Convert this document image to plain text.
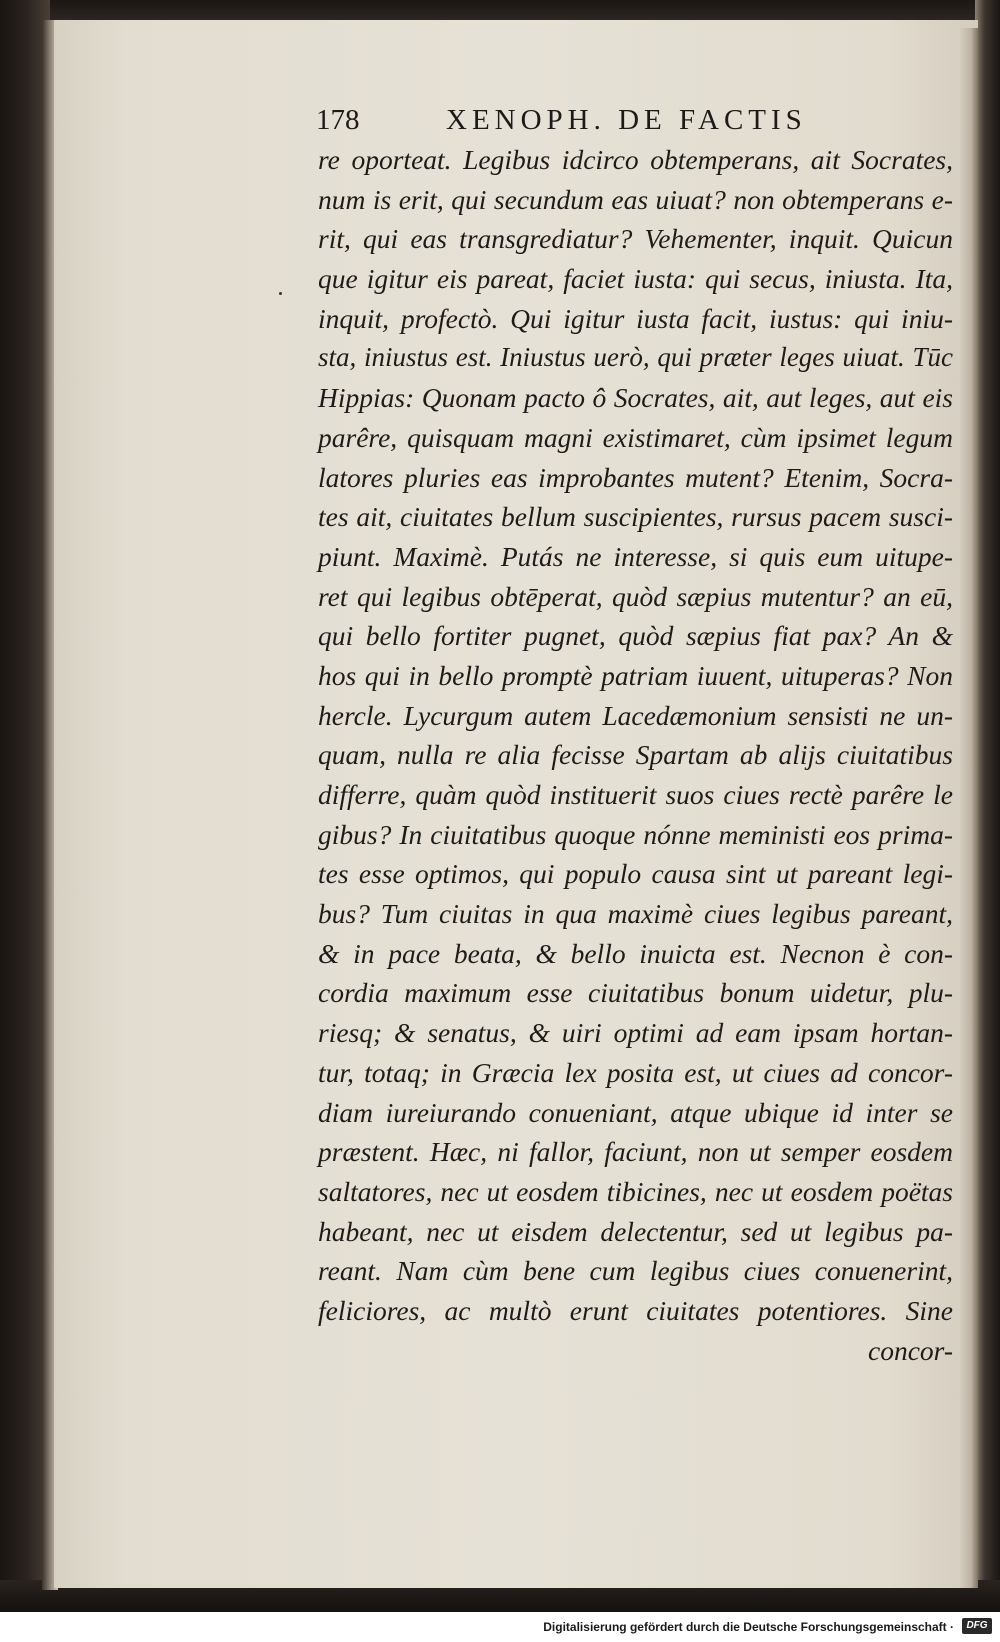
178	XENOPH. DE FACTIS
re oporteat. Legibus idcirco obtemperans, ait Socrates,
num is erit, qui secundum eas uiuat? non obtemperans e-
rit, qui eas transgrediatur? Vehementer, inquit. Quicun
que igitur eis pareat, faciet iusta: qui secus, iniusta. Ita,
inquit, profectò. Qui igitur iusta facit, iustus: qui iniu-
sta, iniustus est. Iniustus uerò, qui præter leges uiuat. Tūc
Hippias: Quonam pacto ô Socrates, ait, aut leges, aut eis
parêre, quisquam magni existimaret, cùm ipsimet legum
latores pluries eas improbantes mutent? Etenim, Socra-
tes ait, ciuitates bellum suscipientes, rursus pacem susci-
piunt. Maximè. Putás ne interesse, si quis eum uitupe-
ret qui legibus obtēperat, quòd sæpius mutentur? an eū,
qui bello fortiter pugnet, quòd sæpius fiat pax? An &
hos qui in bello promptè patriam iuuent, uituperas? Non
hercle. Lycurgum autem Lacedæmonium sensisti ne un-
quam, nulla re alia fecisse Spartam ab alijs ciuitatibus
differre, quàm quòd instituerit suos ciues rectè parêre le
gibus? In ciuitatibus quoque nónne meministi eos prima-
tes esse optimos, qui populo causa sint ut pareant legi-
bus? Tum ciuitas in qua maximè ciues legibus pareant,
& in pace beata, & bello inuicta est. Necnon è con-
cordia maximum esse ciuitatibus bonum uidetur, plu-
riesq; & senatus, & uiri optimi ad eam ipsam hortan-
tur, totaq; in Græcia lex posita est, ut ciues ad concor-
diam iureiurando conueniant, atque ubique id inter se
præstent. Hæc, ni fallor, faciunt, non ut semper eosdem
saltatores, nec ut eosdem tibicines, nec ut eosdem poëtas
habeant, nec ut eisdem delectentur, sed ut legibus pa-
reant. Nam cùm bene cum legibus ciues conuenerint,
feliciores, ac multò erunt ciuitates potentiores. Sine
concor-
Digitalisierung gefördert durch die Deutsche Forschungsgemeinschaft ·	DFG
